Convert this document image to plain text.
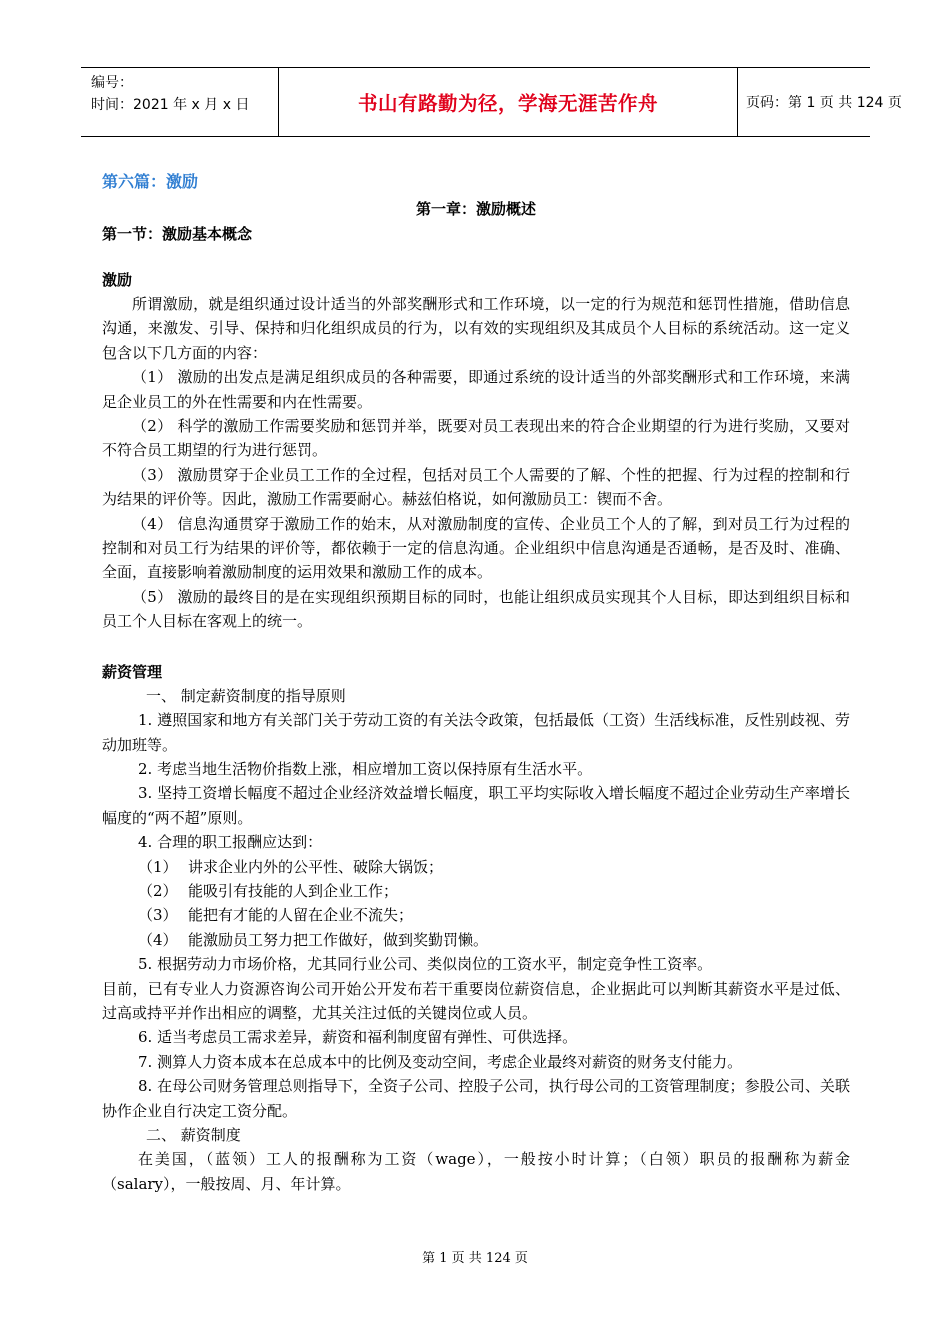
编号：
时间：2021 年 x 月 x 日	书山有路勤为径，学海无涯苦作舟	页码：第 1 页 共 124 页
第六篇：激励
第一章：激励概述
第一节：激励基本概念
激励

所谓激励，就是组织通过设计适当的外部奖酬形式和工作环境，以一定的行为规范和惩罚性措施，借助信息沟通，来激发、引导、保持和归化组织成员的行为，以有效的实现组织及其成员个人目标的系统活动。这一定义包含以下几方面的内容：

（1） 激励的出发点是满足组织成员的各种需要，即通过系统的设计适当的外部奖酬形式和工作环境，来满足企业员工的外在性需要和内在性需要。

（2） 科学的激励工作需要奖励和惩罚并举，既要对员工表现出来的符合企业期望的行为进行奖励，又要对不符合员工期望的行为进行惩罚。

（3） 激励贯穿于企业员工工作的全过程，包括对员工个人需要的了解、个性的把握、行为过程的控制和行为结果的评价等。因此，激励工作需要耐心。赫兹伯格说，如何激励员工：锲而不舍。

（4） 信息沟通贯穿于激励工作的始末，从对激励制度的宣传、企业员工个人的了解，到对员工行为过程的控制和对员工行为结果的评价等，都依赖于一定的信息沟通。企业组织中信息沟通是否通畅，是否及时、准确、全面，直接影响着激励制度的运用效果和激励工作的成本。

（5） 激励的最终目的是在实现组织预期目标的同时，也能让组织成员实现其个人目标，即达到组织目标和员工个人目标在客观上的统一。

薪资管理

一、 制定薪资制度的指导原则

1. 遵照国家和地方有关部门关于劳动工资的有关法令政策，包括最低（工资）生活线标准，反性别歧视、劳动加班等。

2. 考虑当地生活物价指数上涨，相应增加工资以保持原有生活水平。

3. 坚持工资增长幅度不超过企业经济效益增长幅度，职工平均实际收入增长幅度不超过企业劳动生产率增长幅度的“两不超”原则。

4. 合理的职工报酬应达到：

（1） 讲求企业内外的公平性、破除大锅饭；

（2） 能吸引有技能的人到企业工作；

（3） 能把有才能的人留在企业不流失；

（4） 能激励员工努力把工作做好，做到奖勤罚懒。

5. 根据劳动力市场价格，尤其同行业公司、类似岗位的工资水平，制定竞争性工资率。

目前，已有专业人力资源咨询公司开始公开发布若干重要岗位薪资信息，企业据此可以判断其薪资水平是过低、过高或持平并作出相应的调整，尤其关注过低的关键岗位或人员。

6. 适当考虑员工需求差异，薪资和福利制度留有弹性、可供选择。

7. 测算人力资本成本在总成本中的比例及变动空间，考虑企业最终对薪资的财务支付能力。

8. 在母公司财务管理总则指导下，全资子公司、控股子公司，执行母公司的工资管理制度；参股公司、关联协作企业自行决定工资分配。

二、 薪资制度

在美国，（蓝领）工人的报酬称为工资（wage），一般按小时计算；（白领）职员的报酬称为薪金（salary），一般按周、月、年计算。

第 1 页 共 124 页
